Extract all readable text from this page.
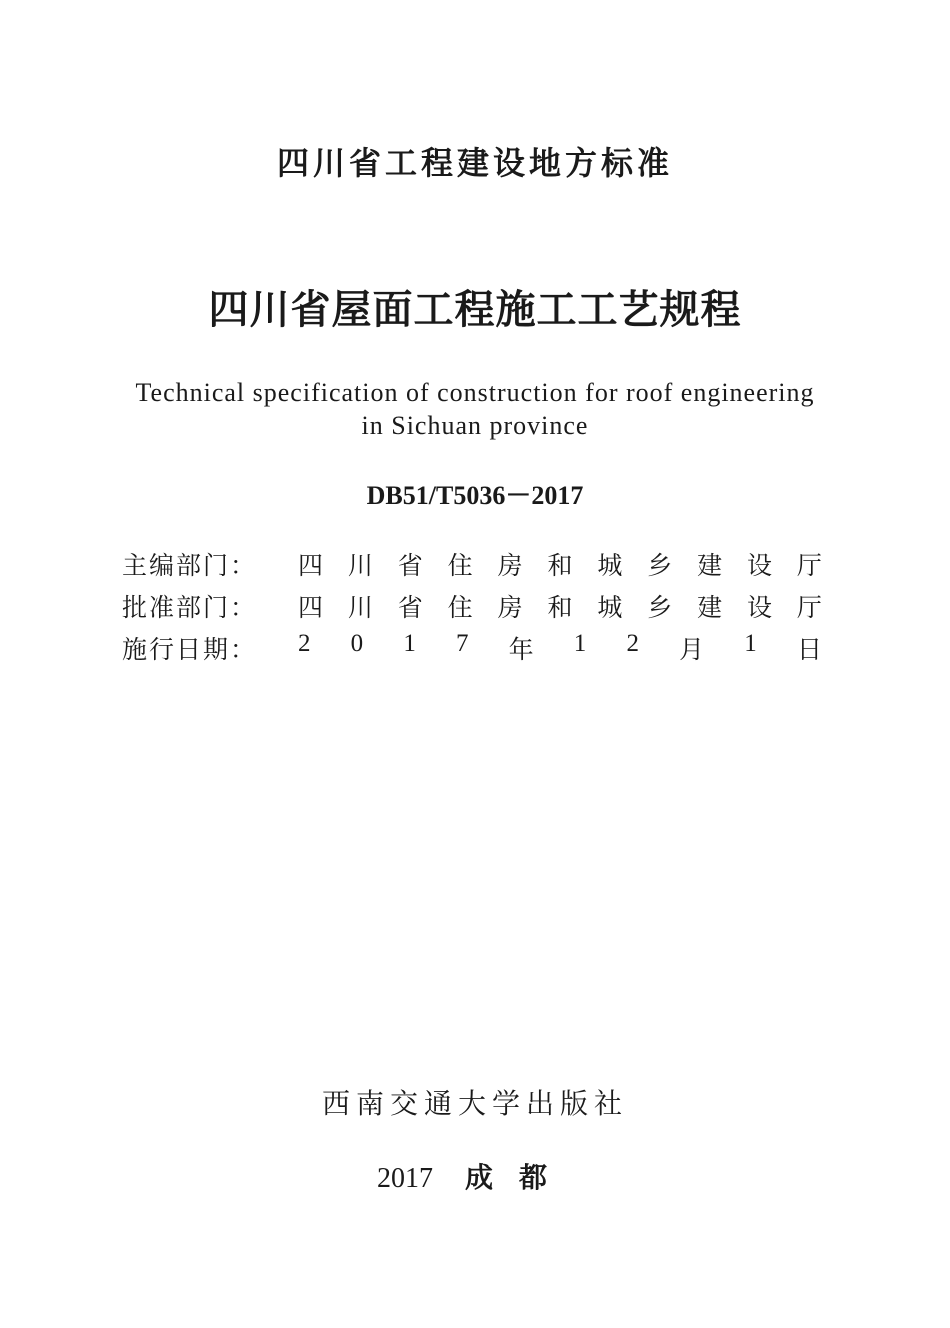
四川省工程建设地方标准
四川省屋面工程施工工艺规程
Technical specification of construction for roof engineering
in Sichuan province
DB51/T5036－2017
主编部门：	四 川 省 住 房 和 城 乡 建 设 厅
批准部门：	四 川 省 住 房 和 城 乡 建 设 厅
施行日期：	2 0 1 7 年 1 2 月 1 日
西南交通大学出版社
2017 成都
